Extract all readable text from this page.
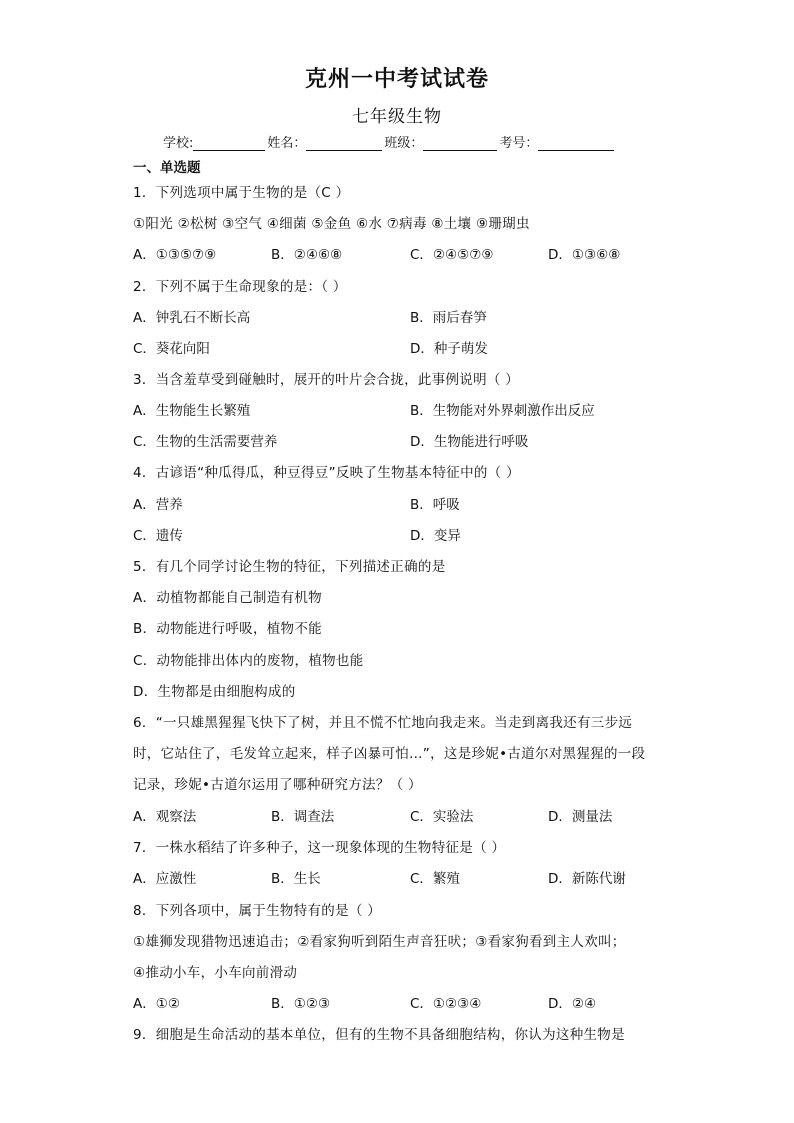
克州一中考试试卷
七年级生物
学校:	姓名：	班级：	考号：
一、单选题
1．下列选项中属于生物的是（C ）
①阳光 ②松树 ③空气 ④细菌 ⑤金鱼 ⑥水 ⑦病毒 ⑧土壤 ⑨珊瑚虫
A．①③⑤⑦⑨	B．②④⑥⑧	C．②④⑤⑦⑨	D．①③⑥⑧
2．下列不属于生命现象的是：（ ）
A．钟乳石不断长高	B．雨后春笋
C．葵花向阳	D．种子萌发
3．当含羞草受到碰触时，展开的叶片会合拢，此事例说明（ ）
A．生物能生长繁殖	B．生物能对外界刺激作出反应
C．生物的生活需要营养	D．生物能进行呼吸
4．古谚语“种瓜得瓜，种豆得豆”反映了生物基本特征中的（ ）
A．营养	B．呼吸
C．遗传	D．变异
5．有几个同学讨论生物的特征，下列描述正确的是
A．动植物都能自己制造有机物
B．动物能进行呼吸，植物不能
C．动物能排出体内的废物，植物也能
D．生物都是由细胞构成的
6．“一只雄黑猩猩飞快下了树，并且不慌不忙地向我走来。当走到离我还有三步远
时，它站住了，毛发耸立起来，样子凶暴可怕…”，这是珍妮•古道尔对黑猩猩的一段
记录，珍妮•古道尔运用了哪种研究方法？（ ）
A．观察法	B．调查法	C．实验法	D．测量法
7．一株水稻结了许多种子，这一现象体现的生物特征是（ ）
A．应激性	B．生长	C．繁殖	D．新陈代谢
8．下列各项中，属于生物特有的是（ ）
①雄狮发现猎物迅速追击；②看家狗听到陌生声音狂吠；③看家狗看到主人欢叫；
④推动小车，小车向前滑动
A．①②	B．①②③	C．①②③④	D．②④
9．细胞是生命活动的基本单位，但有的生物不具备细胞结构，你认为这种生物是
